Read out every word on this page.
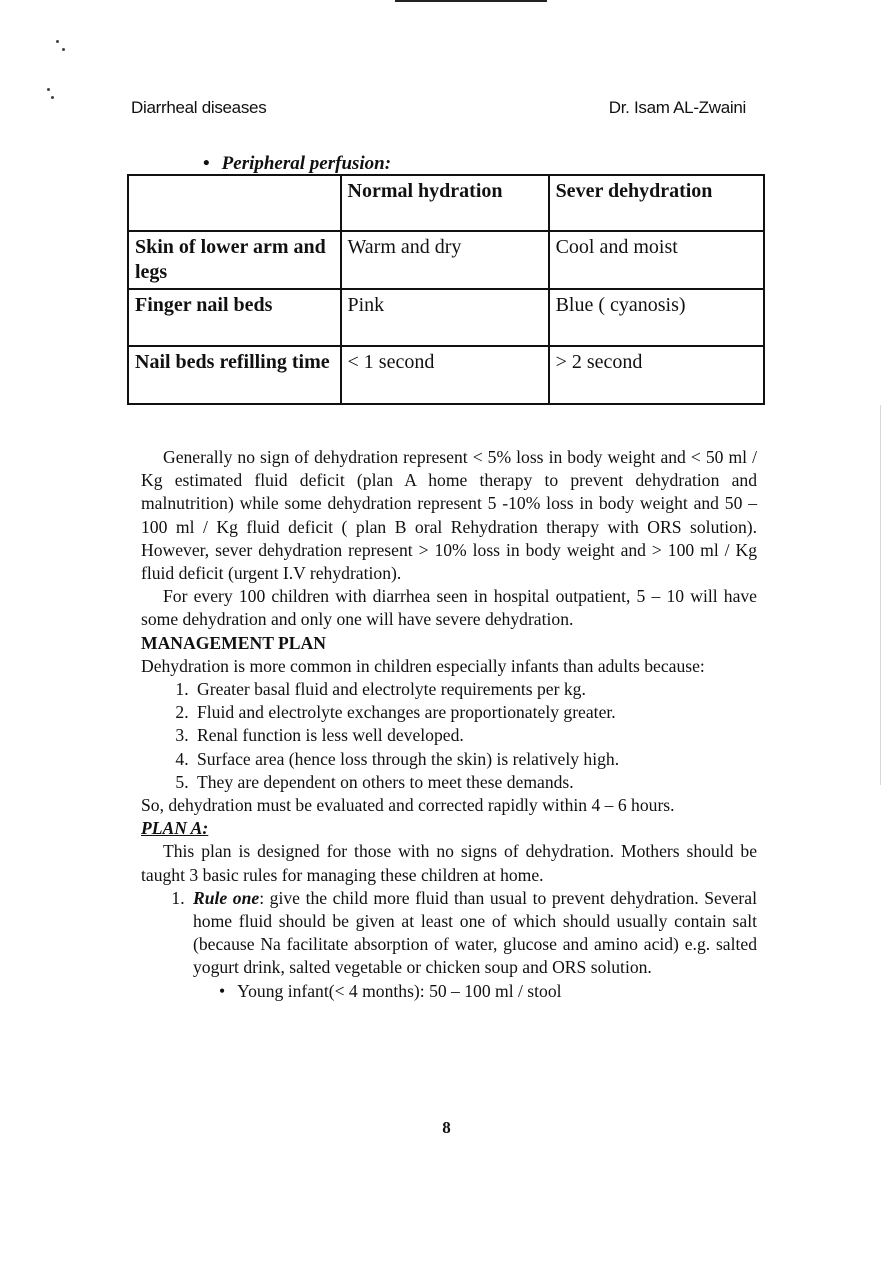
Diarrheal diseases	Dr. Isam AL-Zwaini
• Peripheral perfusion:
	Normal hydration	Sever dehydration
Skin of lower arm and legs	Warm and dry	Cool and moist
Finger nail beds	Pink	Blue ( cyanosis)
Nail beds refilling time	< 1 second	> 2 second

Generally no sign of dehydration represent < 5% loss in body weight and < 50 ml / Kg estimated fluid deficit (plan A home therapy to prevent dehydration and malnutrition) while some dehydration represent 5 -10% loss in body weight and 50 – 100 ml / Kg fluid deficit ( plan B oral Rehydration therapy with ORS solution). However, sever dehydration represent > 10% loss in body weight and > 100 ml / Kg fluid deficit (urgent I.V rehydration).

For every 100 children with diarrhea seen in hospital outpatient, 5 – 10 will have some dehydration and only one will have severe dehydration.

MANAGEMENT PLAN

Dehydration is more common in children especially infants than adults because:

1. Greater basal fluid and electrolyte requirements per kg.
2. Fluid and electrolyte exchanges are proportionately greater.
3. Renal function is less well developed.
4. Surface area (hence loss through the skin) is relatively high.
5. They are dependent on others to meet these demands.

So, dehydration must be evaluated and corrected rapidly within 4 – 6 hours.

PLAN A:

This plan is designed for those with no signs of dehydration. Mothers should be taught 3 basic rules for managing these children at home.

1. Rule one: give the child more fluid than usual to prevent dehydration. Several home fluid should be given at least one of which should usually contain salt (because Na facilitate absorption of water, glucose and amino acid) e.g. salted yogurt drink, salted vegetable or chicken soup and ORS solution.
• Young infant(< 4 months): 50 – 100 ml / stool
8
